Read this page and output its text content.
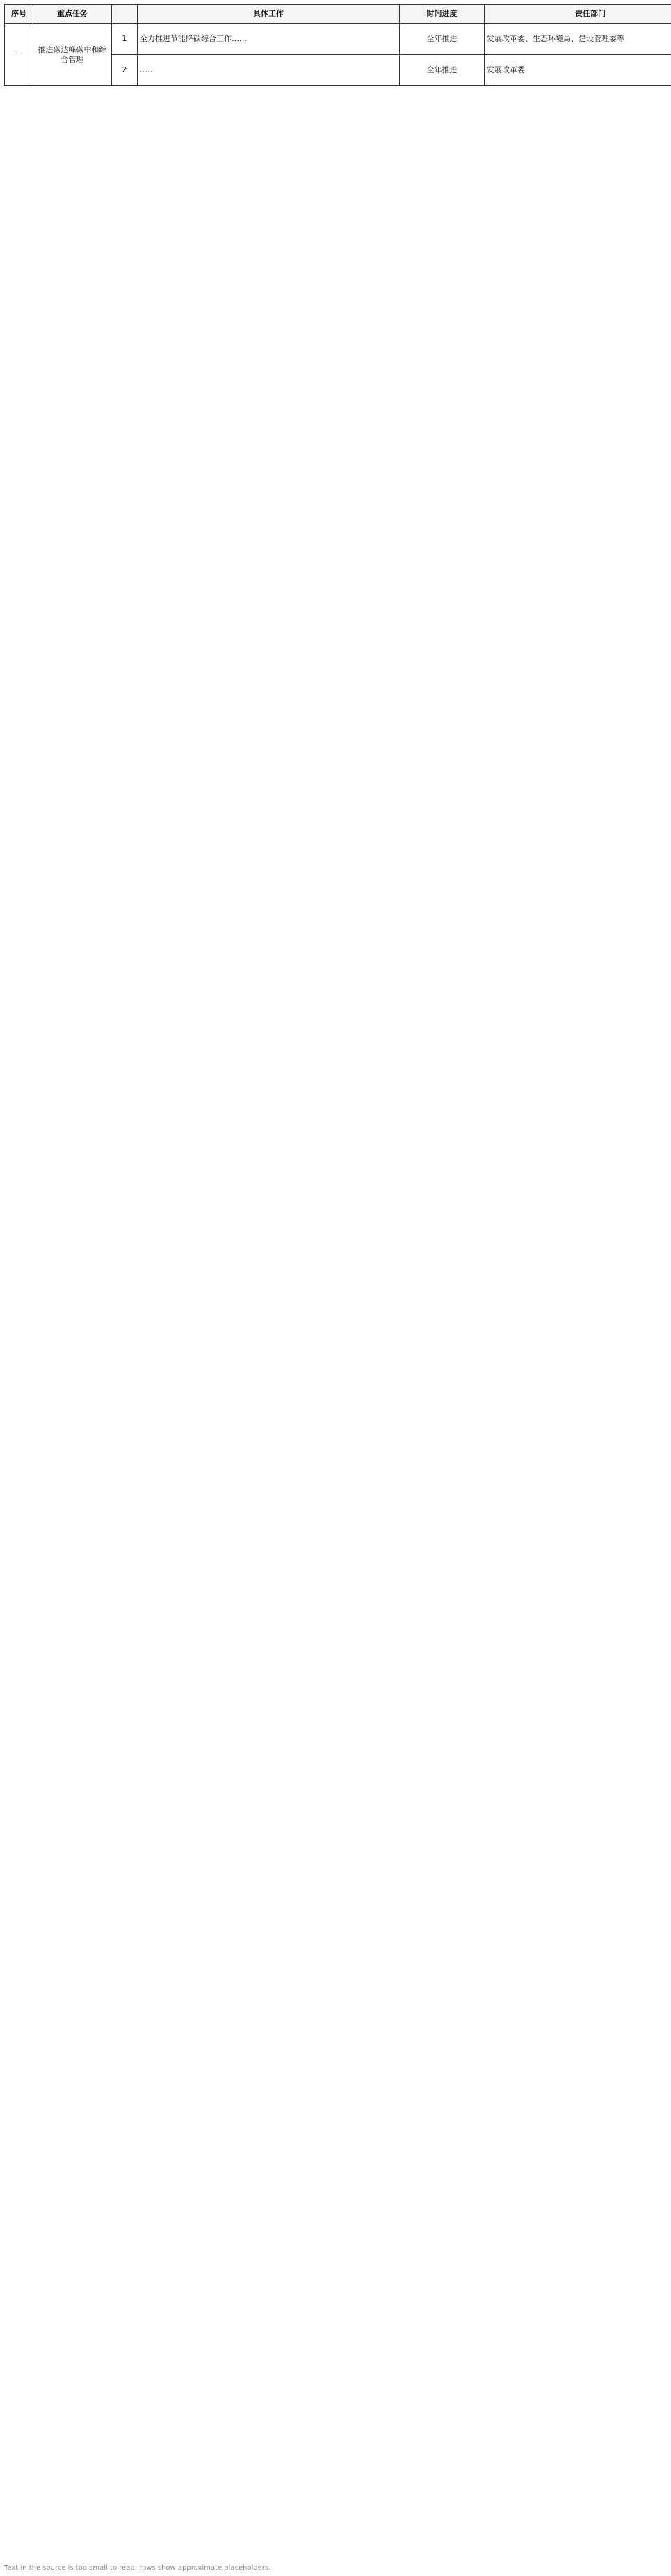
序号	重点任务		具体工作	时间进度	责任部门
一	推进碳达峰碳中和综合管理	1	全力推进节能降碳综合工作……	全年推进	发展改革委、生态环境局、建设管理委等
		2	……	全年推进	发展改革委
Text in the source is too small to read; rows show approximate placeholders.
